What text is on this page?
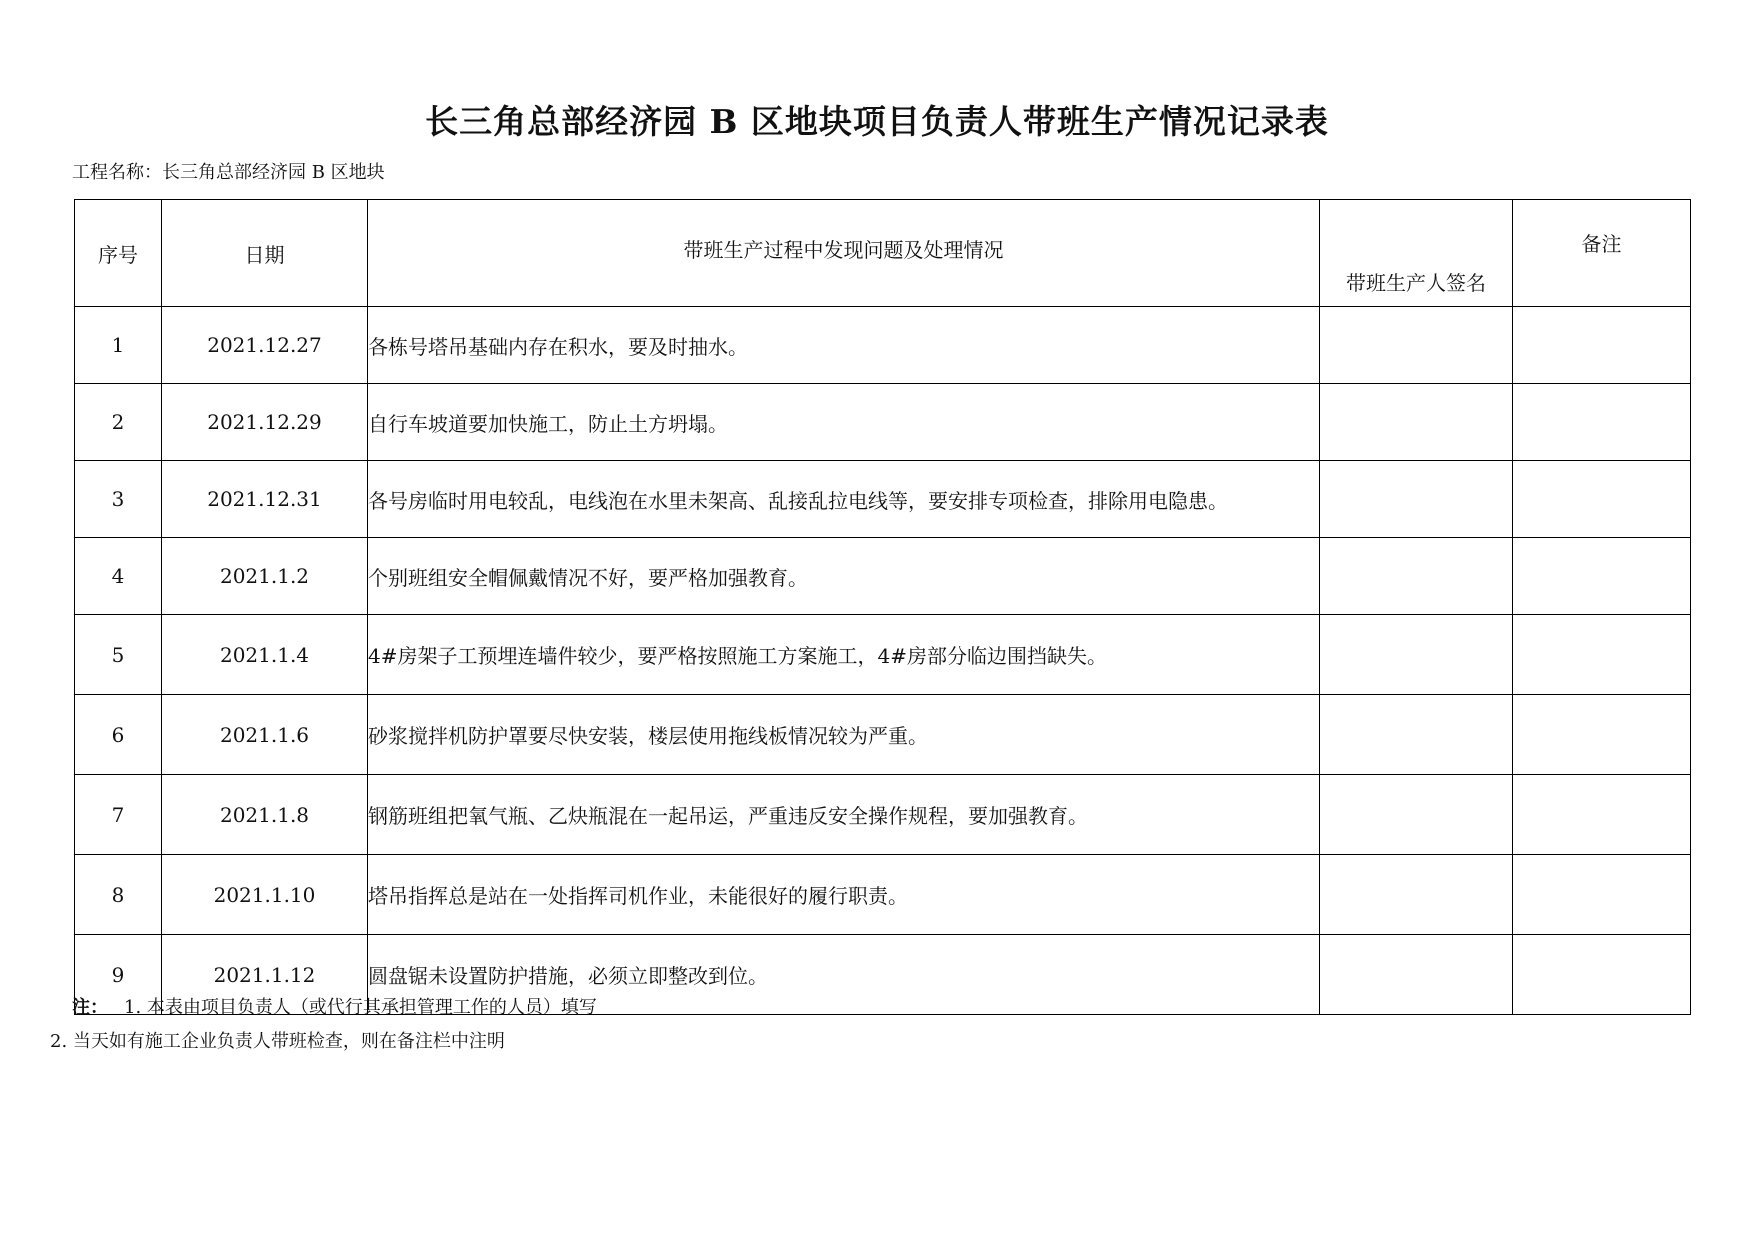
长三角总部经济园 B 区地块项目负责人带班生产情况记录表
工程名称：长三角总部经济园 B 区地块
序号	日期	带班生产过程中发现问题及处理情况	带班生产人签名	备注
1	2021.12.27	各栋号塔吊基础内存在积水，要及时抽水。		
2	2021.12.29	自行车坡道要加快施工，防止土方坍塌。		
3	2021.12.31	各号房临时用电较乱，电线泡在水里未架高、乱接乱拉电线等，要安排专项检查，排除用电隐患。		
4	2021.1.2	个别班组安全帽佩戴情况不好，要严格加强教育。		
5	2021.1.4	4#房架子工预埋连墙件较少，要严格按照施工方案施工，4#房部分临边围挡缺失。		
6	2021.1.6	砂浆搅拌机防护罩要尽快安装，楼层使用拖线板情况较为严重。		
7	2021.1.8	钢筋班组把氧气瓶、乙炔瓶混在一起吊运，严重违反安全操作规程，要加强教育。		
8	2021.1.10	塔吊指挥总是站在一处指挥司机作业，未能很好的履行职责。		
9	2021.1.12	圆盘锯未设置防护措施，必须立即整改到位。		
注： 1. 本表由项目负责人（或代行其承担管理工作的人员）填写
2. 当天如有施工企业负责人带班检查，则在备注栏中注明
